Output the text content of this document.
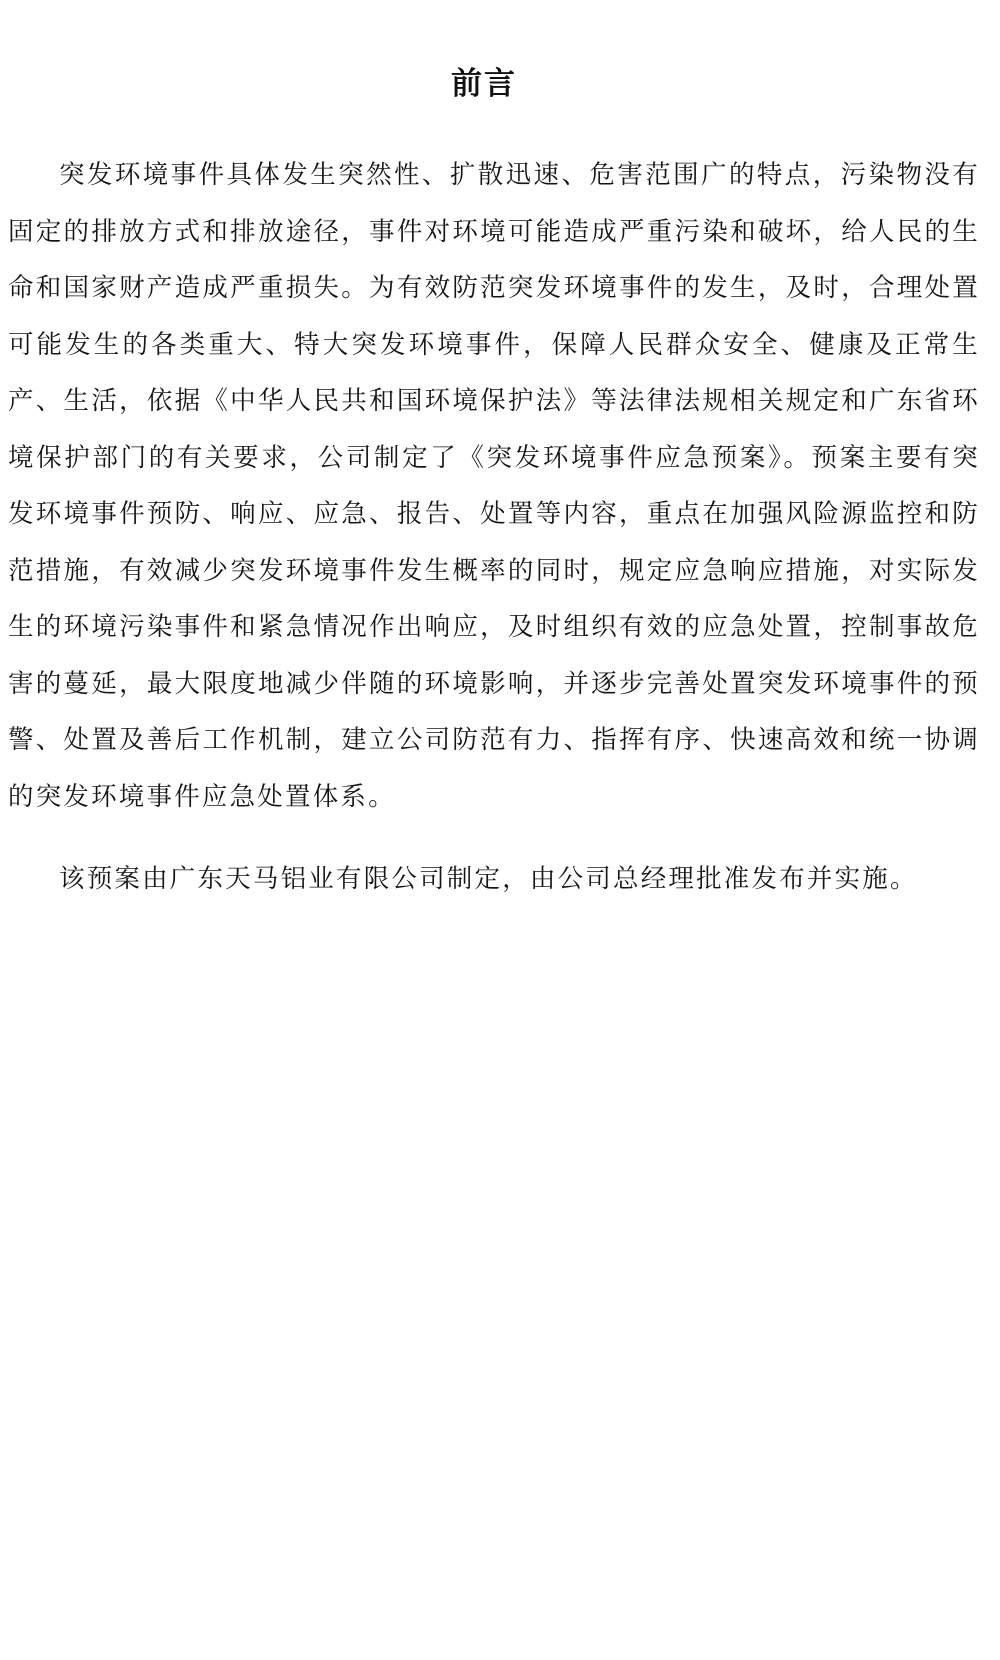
前言

突发环境事件具体发生突然性、扩散迅速、危害范围广的特点，污染物没有固定的排放方式和排放途径，事件对环境可能造成严重污染和破坏，给人民的生命和国家财产造成严重损失。为有效防范突发环境事件的发生，及时，合理处置可能发生的各类重大、特大突发环境事件，保障人民群众安全、健康及正常生产、生活，依据《中华人民共和国环境保护法》等法律法规相关规定和广东省环境保护部门的有关要求，公司制定了《突发环境事件应急预案》。预案主要有突发环境事件预防、响应、应急、报告、处置等内容，重点在加强风险源监控和防范措施，有效减少突发环境事件发生概率的同时，规定应急响应措施，对实际发生的环境污染事件和紧急情况作出响应，及时组织有效的应急处置，控制事故危害的蔓延，最大限度地减少伴随的环境影响，并逐步完善处置突发环境事件的预警、处置及善后工作机制，建立公司防范有力、指挥有序、快速高效和统一协调的突发环境事件应急处置体系。

该预案由广东天马铝业有限公司制定，由公司总经理批准发布并实施。
